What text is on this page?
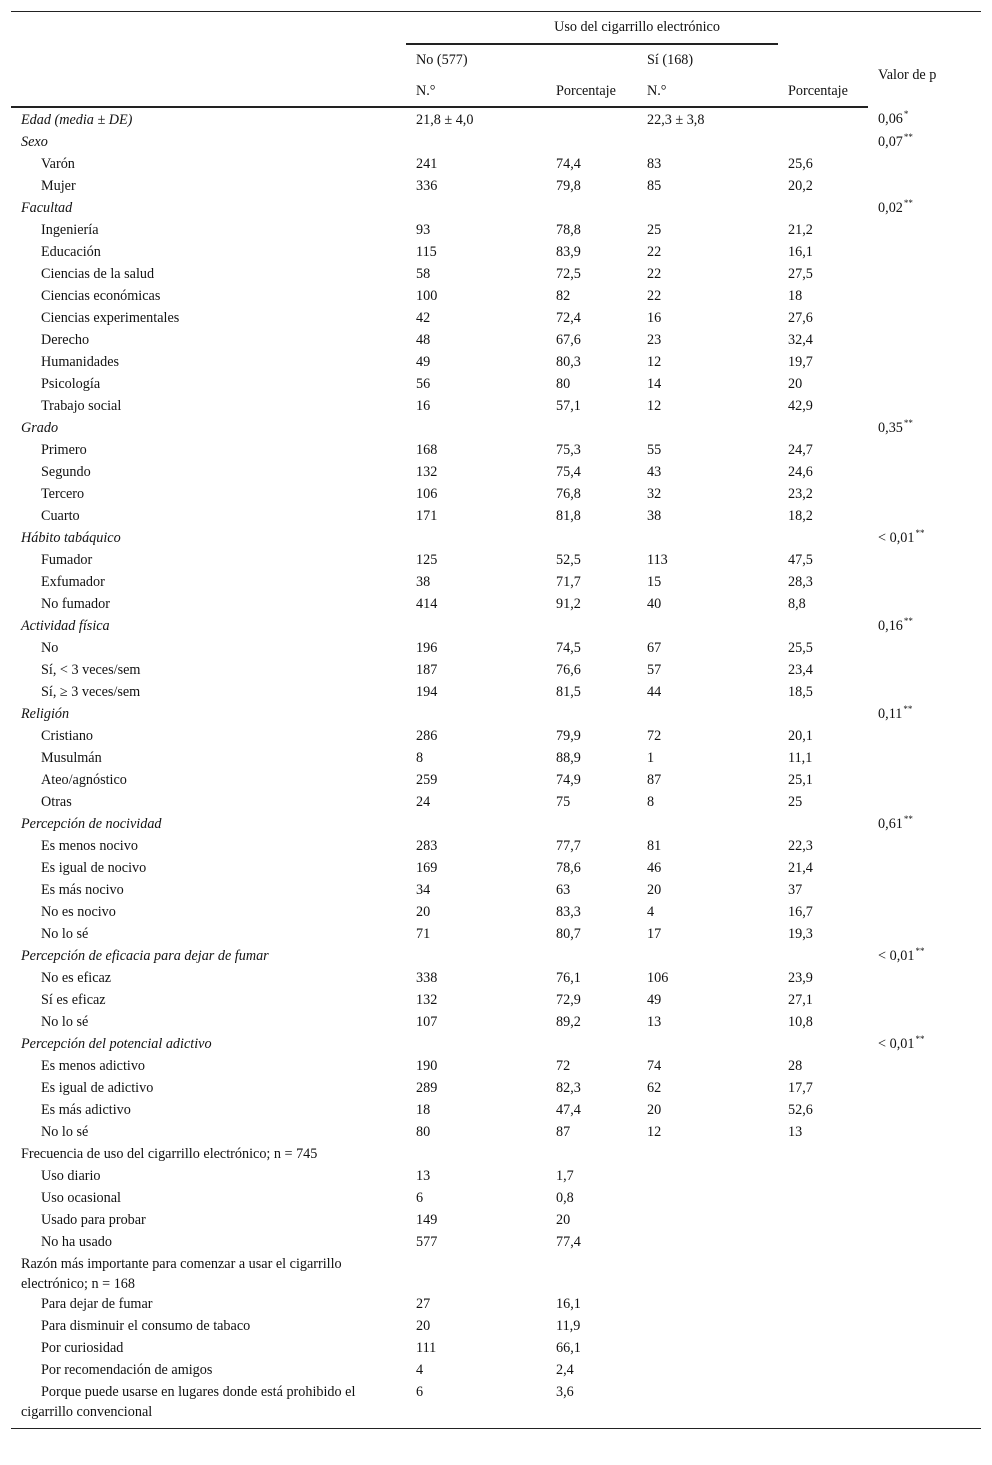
	Uso del cigarrillo electrónico				
	No (577)		Sí (168)		Valor de p
	N.°	Porcentaje	N.°	Porcentaje	
Edad (media ± DE)	21,8 ± 4,0		22,3 ± 3,8		0,06*
Sexo					0,07**
Varón	241	74,4	83	25,6	
Mujer	336	79,8	85	20,2	
Facultad					0,02**
Ingeniería	93	78,8	25	21,2	
Educación	115	83,9	22	16,1	
Ciencias de la salud	58	72,5	22	27,5	
Ciencias económicas	100	82	22	18	
Ciencias experimentales	42	72,4	16	27,6	
Derecho	48	67,6	23	32,4	
Humanidades	49	80,3	12	19,7	
Psicología	56	80	14	20	
Trabajo social	16	57,1	12	42,9	
Grado					0,35**
Primero	168	75,3	55	24,7	
Segundo	132	75,4	43	24,6	
Tercero	106	76,8	32	23,2	
Cuarto	171	81,8	38	18,2	
Hábito tabáquico					< 0,01**
Fumador	125	52,5	113	47,5	
Exfumador	38	71,7	15	28,3	
No fumador	414	91,2	40	8,8	
Actividad física					0,16**
No	196	74,5	67	25,5	
Sí, < 3 veces/sem	187	76,6	57	23,4	
Sí, ≥ 3 veces/sem	194	81,5	44	18,5	
Religión					0,11**
Cristiano	286	79,9	72	20,1	
Musulmán	8	88,9	1	11,1	
Ateo/agnóstico	259	74,9	87	25,1	
Otras	24	75	8	25	
Percepción de nocividad					0,61**
Es menos nocivo	283	77,7	81	22,3	
Es igual de nocivo	169	78,6	46	21,4	
Es más nocivo	34	63	20	37	
No es nocivo	20	83,3	4	16,7	
No lo sé	71	80,7	17	19,3	
Percepción de eficacia para dejar de fumar					< 0,01**
No es eficaz	338	76,1	106	23,9	
Sí es eficaz	132	72,9	49	27,1	
No lo sé	107	89,2	13	10,8	
Percepción del potencial adictivo					< 0,01**
Es menos adictivo	190	72	74	28	
Es igual de adictivo	289	82,3	62	17,7	
Es más adictivo	18	47,4	20	52,6	
No lo sé	80	87	12	13	
Frecuencia de uso del cigarrillo electrónico; n = 745					
Uso diario	13	1,7			
Uso ocasional	6	0,8			
Usado para probar	149	20			
No ha usado	577	77,4			
Razón más importante para comenzar a usar el cigarrillo electrónico; n = 168					
Para dejar de fumar	27	16,1			
Para disminuir el consumo de tabaco	20	11,9			
Por curiosidad	111	66,1			
Por recomendación de amigos	4	2,4			
Porque puede usarse en lugares donde está prohibido el cigarrillo convencional	6	3,6			
